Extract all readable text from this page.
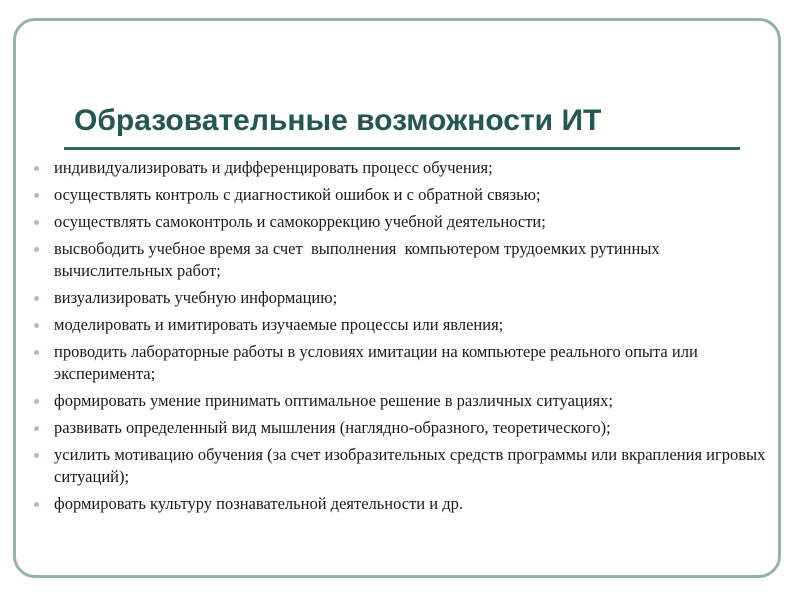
Образовательные возможности ИТ
индивидуализировать и дифференцировать процесс обучения;
осуществлять контроль с диагностикой ошибок и с обратной связью;
осуществлять самоконтроль и самокоррекцию учебной деятельности;
высвободить учебное время за счет  выполнения  компьютером трудоемких рутинных вычислительных работ;
визуализировать учебную информацию;
моделировать и имитировать изучаемые процессы или явления;
проводить лабораторные работы в условиях имитации на компьютере реального опыта или эксперимента;
формировать умение принимать оптимальное решение в различных ситуациях;
развивать определенный вид мышления (наглядно-образного, теоретического);
усилить мотивацию обучения (за счет изобразительных средств программы или вкрапления игровых ситуаций);
формировать культуру познавательной деятельности и др.
